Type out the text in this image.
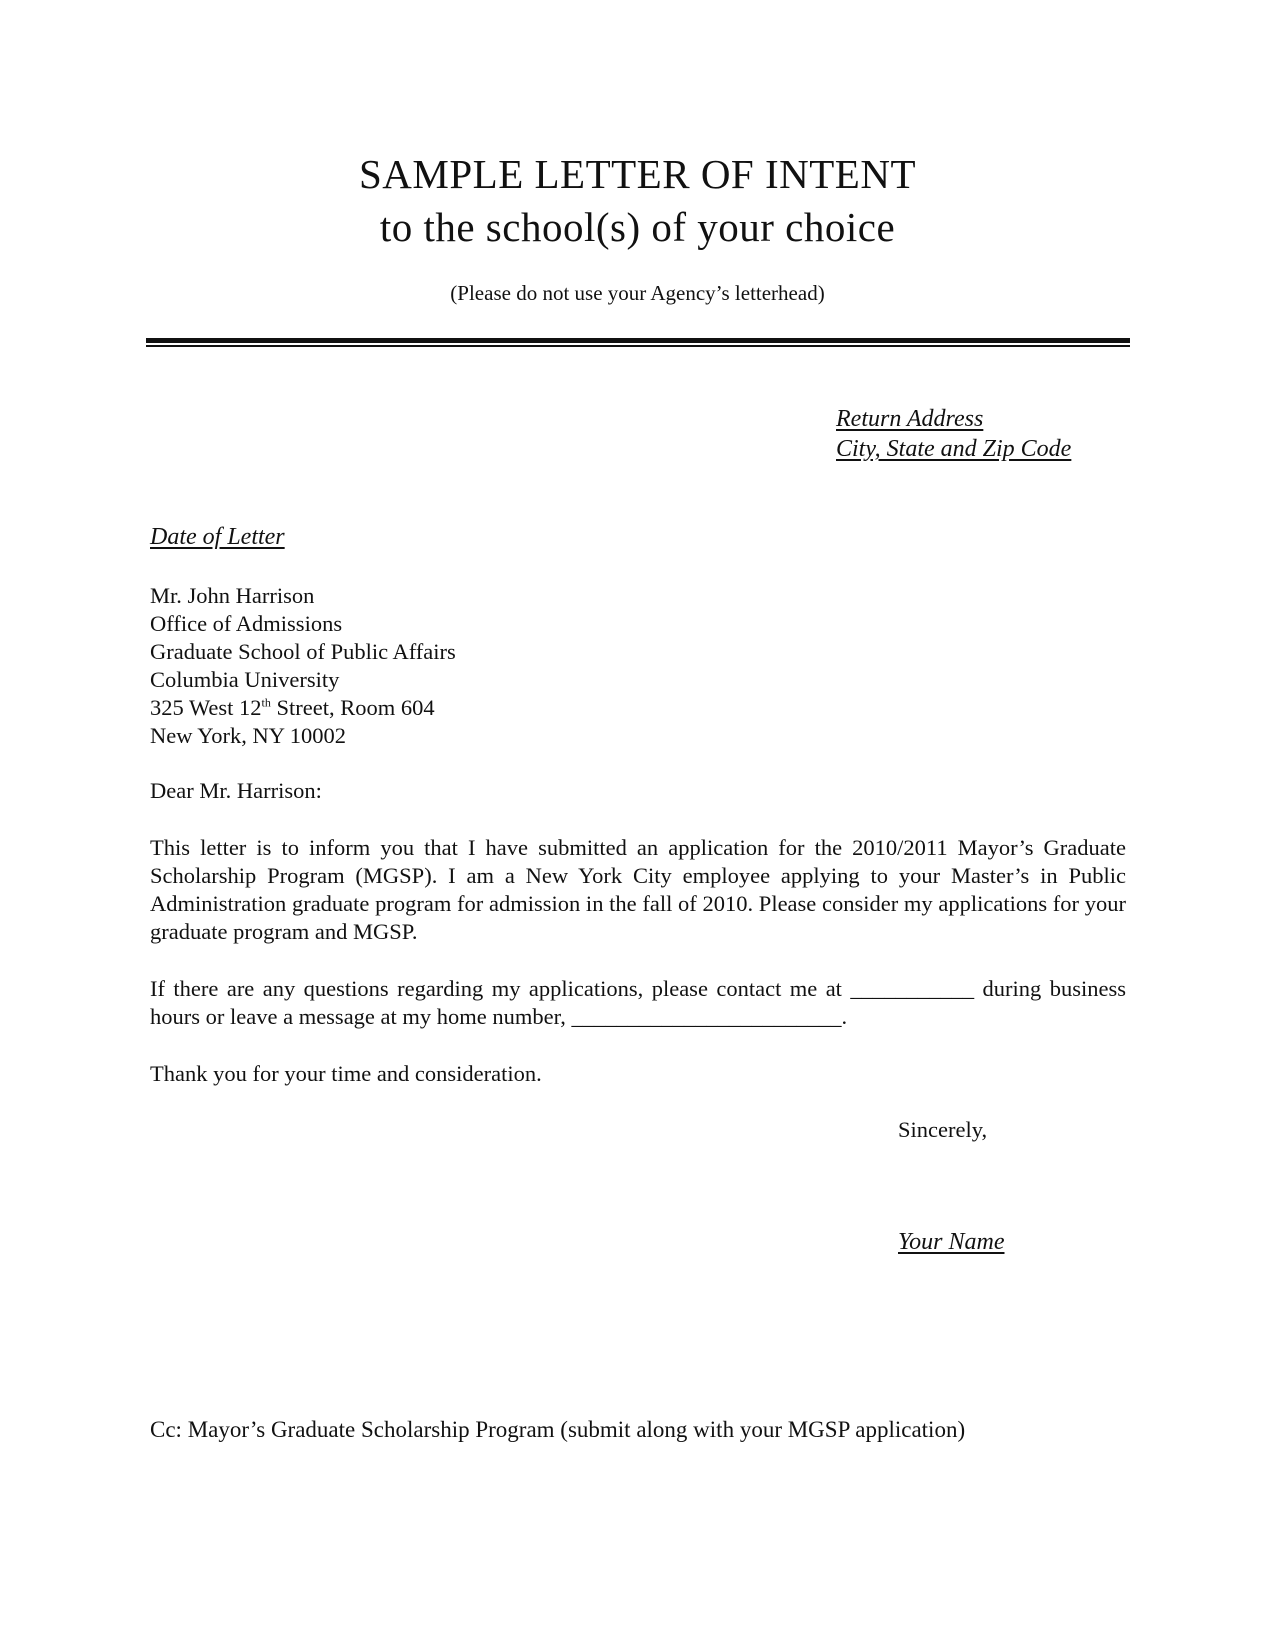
SAMPLE LETTER OF INTENT
to the school(s) of your choice
(Please do not use your Agency’s letterhead)
Return Address
City, State and Zip Code
Date of Letter
Mr. John Harrison
Office of Admissions
Graduate School of Public Affairs
Columbia University
325 West 12th Street, Room 604
New York, NY 10002
Dear Mr. Harrison:
This letter is to inform you that I have submitted an application for the 2010/2011 Mayor’s Graduate Scholarship Program (MGSP). I am a New York City employee applying to your Master’s in Public Administration graduate program for admission in the fall of 2010. Please consider my applications for your graduate program and MGSP.
If there are any questions regarding my applications, please contact me at ___________ during business hours or leave a message at my home number, ________________________.
Thank you for your time and consideration.
Sincerely,
Your Name
Cc: Mayor’s Graduate Scholarship Program (submit along with your MGSP application)
